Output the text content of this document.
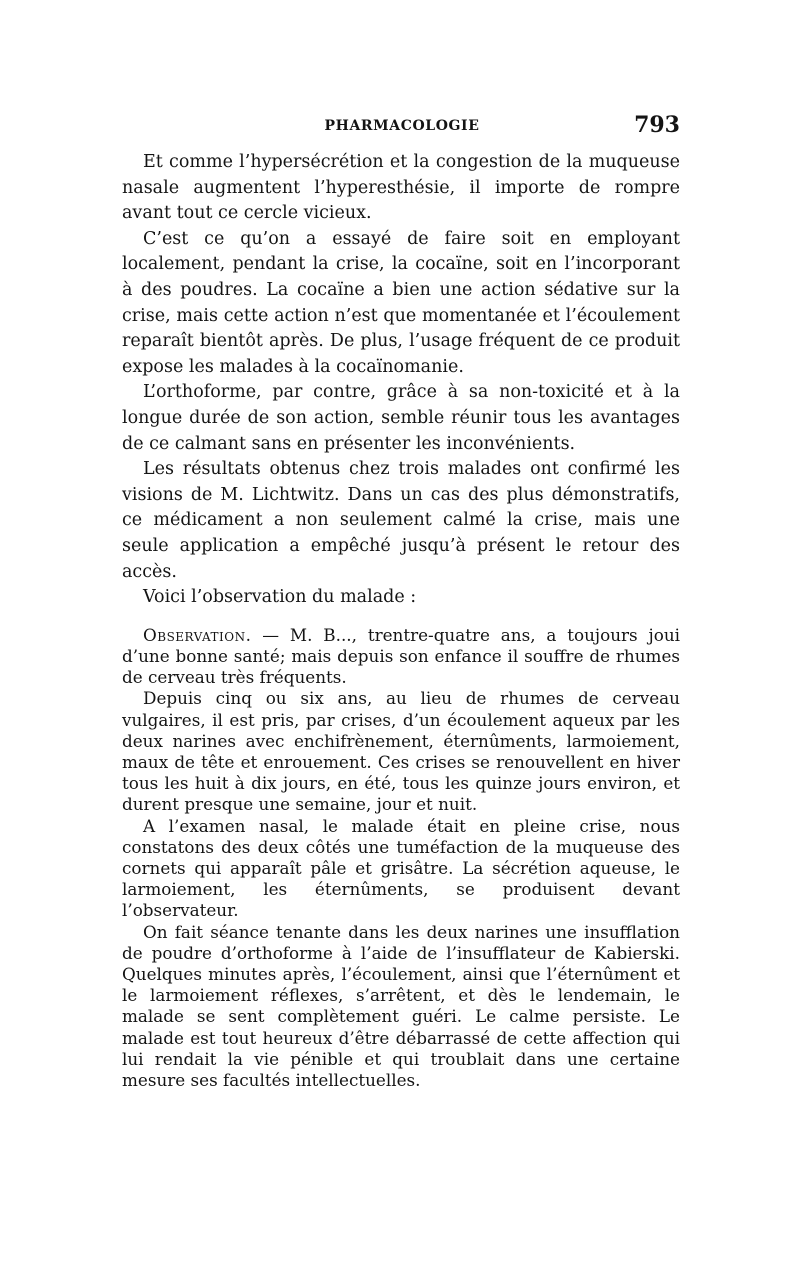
PHARMACOLOGIE	793

Et comme l’hypersécrétion et la congestion de la muqueuse nasale augmentent l’hyperesthésie, il importe de rompre avant tout ce cercle vicieux.

C’est ce qu’on a essayé de faire soit en employant localement, pendant la crise, la cocaïne, soit en l’incorporant à des poudres. La cocaïne a bien une action sédative sur la crise, mais cette action n’est que momentanée et l’écoulement reparaît bientôt après. De plus, l’usage fréquent de ce produit expose les malades à la cocaïnomanie.

L’orthoforme, par contre, grâce à sa non-toxicité et à la longue durée de son action, semble réunir tous les avantages de ce calmant sans en présenter les inconvénients.

Les résultats obtenus chez trois malades ont confirmé les visions de M. Lichtwitz. Dans un cas des plus démonstratifs, ce médicament a non seulement calmé la crise, mais une seule application a empêché jusqu’à présent le retour des accès.

Voici l’observation du malade :

Observation. — M. B..., trentre-quatre ans, a toujours joui d’une bonne santé; mais depuis son enfance il souffre de rhumes de cerveau très fréquents.

Depuis cinq ou six ans, au lieu de rhumes de cerveau vulgaires, il est pris, par crises, d’un écoulement aqueux par les deux narines avec enchifrènement, éternûments, larmoiement, maux de tête et enrouement. Ces crises se renouvellent en hiver tous les huit à dix jours, en été, tous les quinze jours environ, et durent presque une semaine, jour et nuit.

A l’examen nasal, le malade était en pleine crise, nous constatons des deux côtés une tuméfaction de la muqueuse des cornets qui apparaît pâle et grisâtre. La sécrétion aqueuse, le larmoiement, les éternûments, se produisent devant l’observateur.

On fait séance tenante dans les deux narines une insufflation de poudre d’orthoforme à l’aide de l’insufflateur de Kabierski. Quelques minutes après, l’écoulement, ainsi que l’éternûment et le larmoiement réflexes, s’arrêtent, et dès le lendemain, le malade se sent complètement guéri. Le calme persiste. Le malade est tout heureux d’être débarrassé de cette affection qui lui rendait la vie pénible et qui troublait dans une certaine mesure ses facultés intellectuelles.
